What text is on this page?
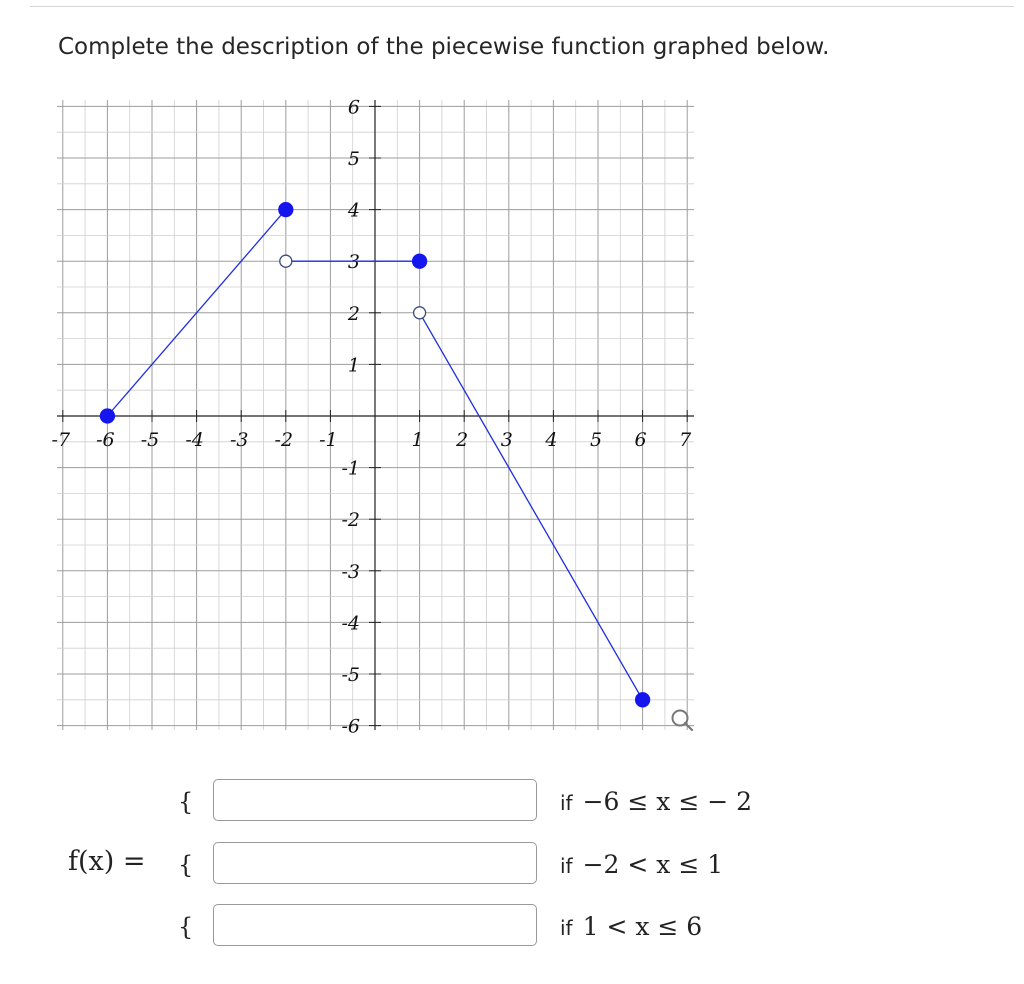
Complete the description of the piecewise function graphed below.
-7 -6 -5 -4 -3 -2 -1	1 2 3 4 5 6 7
6
5
4
3
2
1
-1
-2
-3
-4
-5
-6
f(x) =
{	if −6 ≤ x ≤ − 2
{	if −2 < x ≤ 1
{	if 1 < x ≤ 6
